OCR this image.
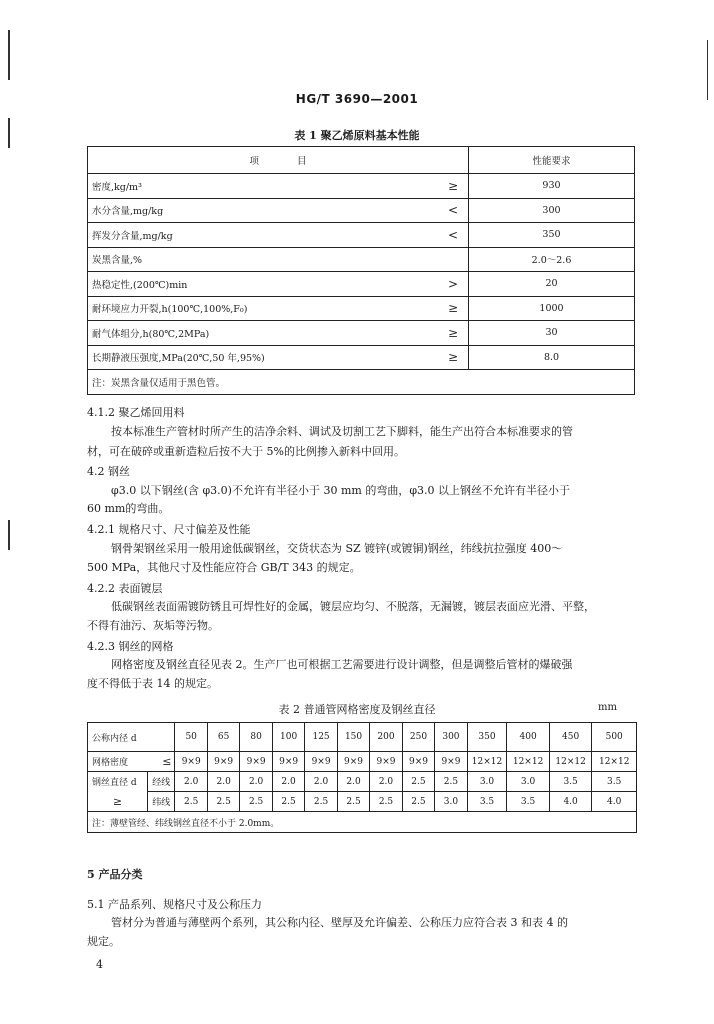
HG/T 3690—2001
表 1 聚乙烯原料基本性能
项　　　　目		性能要求
密度,kg/m³	≥	930
水分含量,mg/kg	<	300
挥发分含量,mg/kg	<	350
炭黑含量,%		2.0～2.6
热稳定性,(200℃)min	>	20
耐环境应力开裂,h(100℃,100%,F₀)	≥	1000
耐气体组分,h(80℃,2MPa)	≥	30
长期静液压强度,MPa(20℃,50 年,95%)	≥	8.0
注：炭黑含量仅适用于黑色管。		
4.1.2 聚乙烯回用料
按本标准生产管材时所产生的洁净余料、调试及切割工艺下脚料，能生产出符合本标准要求的管
材，可在破碎或重新造粒后按不大于 5%的比例掺入新料中回用。
4.2 钢丝
φ3.0 以下钢丝(含 φ3.0)不允许有半径小于 30 mm 的弯曲，φ3.0 以上钢丝不允许有半径小于
60 mm的弯曲。
4.2.1 规格尺寸、尺寸偏差及性能
钢骨架钢丝采用一般用途低碳钢丝，交货状态为 SZ 镀锌(或镀铜)钢丝，纬线抗拉强度 400～
500 MPa，其他尺寸及性能应符合 GB/T 343 的规定。
4.2.2 表面镀层
低碳钢丝表面需镀防锈且可焊性好的金属，镀层应均匀、不脱落，无漏镀，镀层表面应光滑、平整，
不得有油污、灰垢等污物。
4.2.3 钢丝的网格
网格密度及钢丝直径见表 2。生产厂也可根据工艺需要进行设计调整，但是调整后管材的爆破强
度不得低于表 14 的规定。
表 2 普通管网格密度及钢丝直径	mm
公称内径 d		50	65	80	100	125	150	200	250	300	350	400	450	500
网格密度	≤	9×9	9×9	9×9	9×9	9×9	9×9	9×9	9×9	9×9	12×12	12×12	12×12	12×12
钢丝直径 d	经线	2.0	2.0	2.0	2.0	2.0	2.0	2.0	2.5	2.5	3.0	3.0	3.5	3.5
≥	纬线	2.5	2.5	2.5	2.5	2.5	2.5	2.5	2.5	3.0	3.5	3.5	4.0	4.0
注：薄壁管经、纬线钢丝直径不小于 2.0mm。														
5 产品分类
5.1 产品系列、规格尺寸及公称压力
管材分为普通与薄壁两个系列，其公称内径、壁厚及允许偏差、公称压力应符合表 3 和表 4 的
规定。
4
